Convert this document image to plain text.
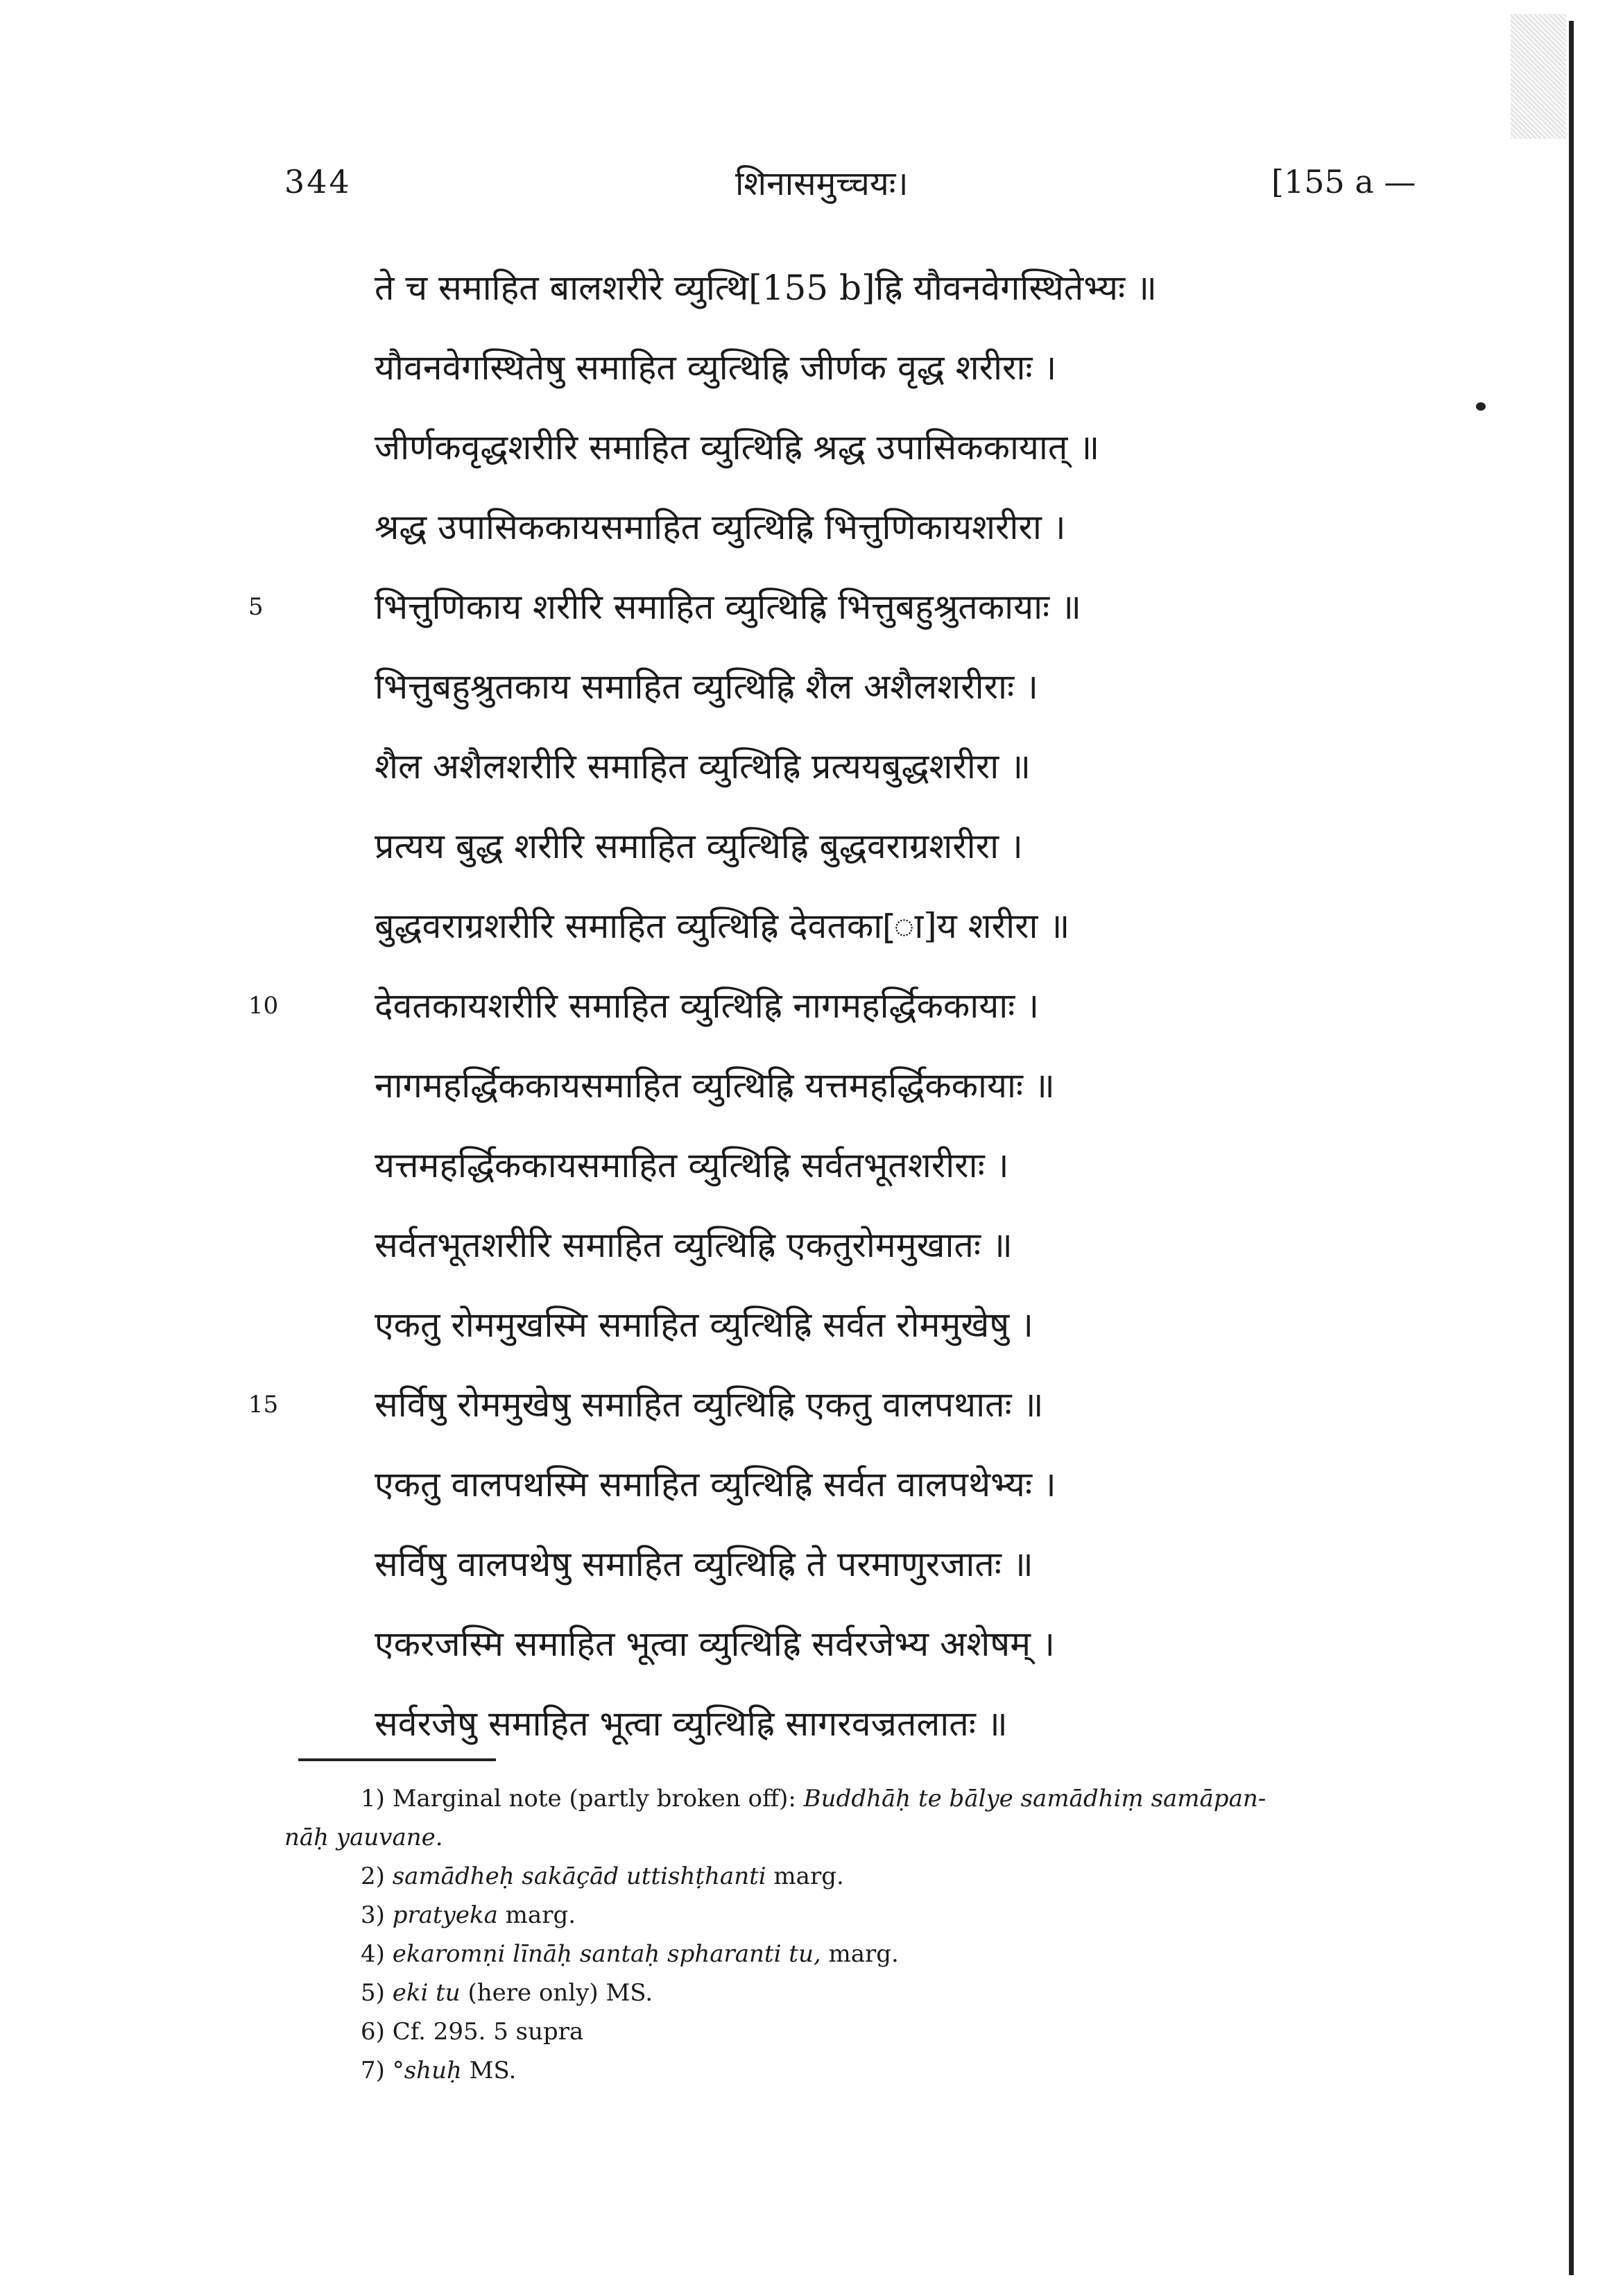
344	शिनासमुच्चयः।	[155 a —
ते च समाहित बालशरीरे व्युत्थि[155 b]ह्रि यौवनवेगस्थितेभ्यः ॥
यौवनवेगस्थितेषु समाहित व्युत्थिह्रि जीर्णक वृद्ध शरीराः ।
जीर्णकवृद्धशरीरि समाहित व्युत्थिह्रि श्रद्ध उपासिककायात् ॥
श्रद्ध उपासिककायसमाहित व्युत्थिह्रि भित्तुणिकायशरीरा ।
भित्तुणिकाय शरीरि समाहित व्युत्थिह्रि भित्तुबहुश्रुतकायाः ॥
भित्तुबहुश्रुतकाय समाहित व्युत्थिह्रि शैल अशैलशरीराः ।
शैल अशैलशरीरि समाहित व्युत्थिह्रि प्रत्ययबुद्धशरीरा ॥
प्रत्यय बुद्ध शरीरि समाहित व्युत्थिह्रि बुद्धवराग्रशरीरा ।
बुद्धवराग्रशरीरि समाहित व्युत्थिह्रि देवतका[ा]य शरीरा ॥
देवतकायशरीरि समाहित व्युत्थिह्रि नागमहर्द्धिककायाः ।
नागमहर्द्धिककायसमाहित व्युत्थिह्रि यत्तमहर्द्धिककायाः ॥
यत्तमहर्द्धिककायसमाहित व्युत्थिह्रि सर्वतभूतशरीराः ।
सर्वतभूतशरीरि समाहित व्युत्थिह्रि एकतुरोममुखातः ॥
एकतु रोममुखस्मि समाहित व्युत्थिह्रि सर्वत रोममुखेषु ।
सर्विषु रोममुखेषु समाहित व्युत्थिह्रि एकतु वालपथातः ॥
एकतु वालपथस्मि समाहित व्युत्थिह्रि सर्वत वालपथेभ्यः ।
सर्विषु वालपथेषु समाहित व्युत्थिह्रि ते परमाणुरजातः ॥
एकरजस्मि समाहित भूत्वा व्युत्थिह्रि सर्वरजेभ्य अशेषम् ।
सर्वरजेषु समाहित भूत्वा व्युत्थिह्रि सागरवज्रतलातः ॥
5
10
15
1) Marginal note (partly broken off): Buddhāḥ te bālye samādhiṃ samāpan-
nāḥ yauvane.
2) samādheḥ sakāçād uttishṭhanti marg.
3) pratyeka marg.
4) ekaromṇi līnāḥ santaḥ spharanti tu, marg.
5) eki tu (here only) MS.
6) Cf. 295. 5 supra
7) °shuḥ MS.
